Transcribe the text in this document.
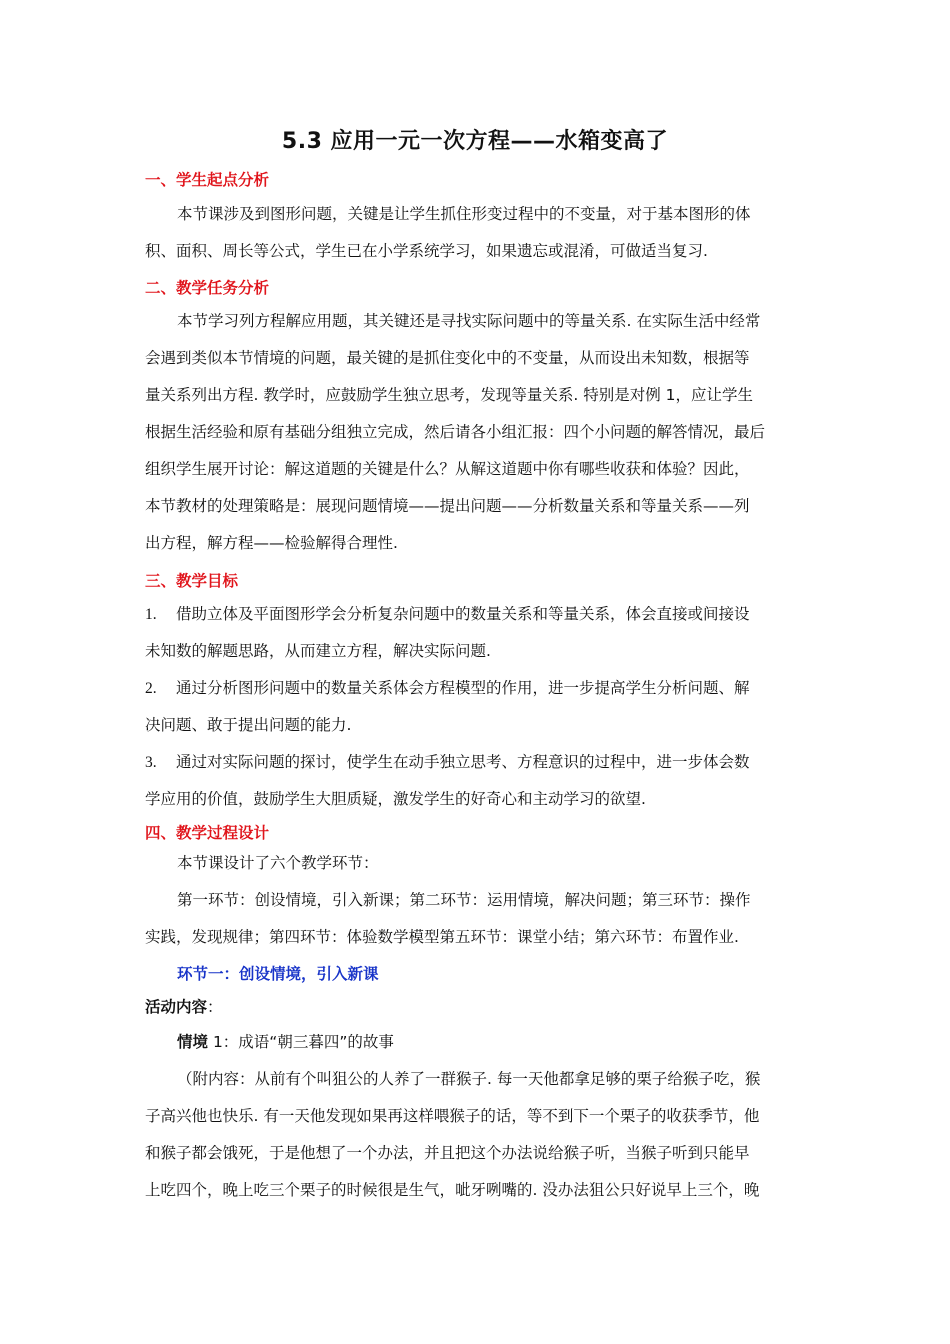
5.3 应用一元一次方程——水箱变高了
一、学生起点分析
本节课涉及到图形问题，关键是让学生抓住形变过程中的不变量，对于基本图形的体
积、面积、周长等公式，学生已在小学系统学习，如果遗忘或混淆，可做适当复习.
二、教学任务分析
本节学习列方程解应用题，其关键还是寻找实际问题中的等量关系. 在实际生活中经常
会遇到类似本节情境的问题，最关键的是抓住变化中的不变量，从而设出未知数，根据等
量关系列出方程. 教学时，应鼓励学生独立思考，发现等量关系. 特别是对例 1，应让学生
根据生活经验和原有基础分组独立完成，然后请各小组汇报：四个小问题的解答情况，最后
组织学生展开讨论：解这道题的关键是什么？从解这道题中你有哪些收获和体验？因此，
本节教材的处理策略是：展现问题情境——提出问题——分析数量关系和等量关系——列
出方程，解方程——检验解得合理性.
三、教学目标
1. 借助立体及平面图形学会分析复杂问题中的数量关系和等量关系，体会直接或间接设
未知数的解题思路，从而建立方程，解决实际问题.
2. 通过分析图形问题中的数量关系体会方程模型的作用，进一步提高学生分析问题、解
决问题、敢于提出问题的能力.
3. 通过对实际问题的探讨，使学生在动手独立思考、方程意识的过程中，进一步体会数
学应用的价值，鼓励学生大胆质疑，激发学生的好奇心和主动学习的欲望.
四、教学过程设计
本节课设计了六个教学环节：
第一环节：创设情境，引入新课；第二环节：运用情境，解决问题；第三环节：操作
实践，发现规律；第四环节：体验数学模型第五环节：课堂小结；第六环节：布置作业.
环节一：创设情境，引入新课
活动内容：
情境 1：成语“朝三暮四”的故事
（附内容：从前有个叫狙公的人养了一群猴子. 每一天他都拿足够的栗子给猴子吃，猴
子高兴他也快乐. 有一天他发现如果再这样喂猴子的话，等不到下一个栗子的收获季节，他
和猴子都会饿死，于是他想了一个办法，并且把这个办法说给猴子听，当猴子听到只能早
上吃四个，晚上吃三个栗子的时候很是生气，呲牙咧嘴的. 没办法狙公只好说早上三个，晚
